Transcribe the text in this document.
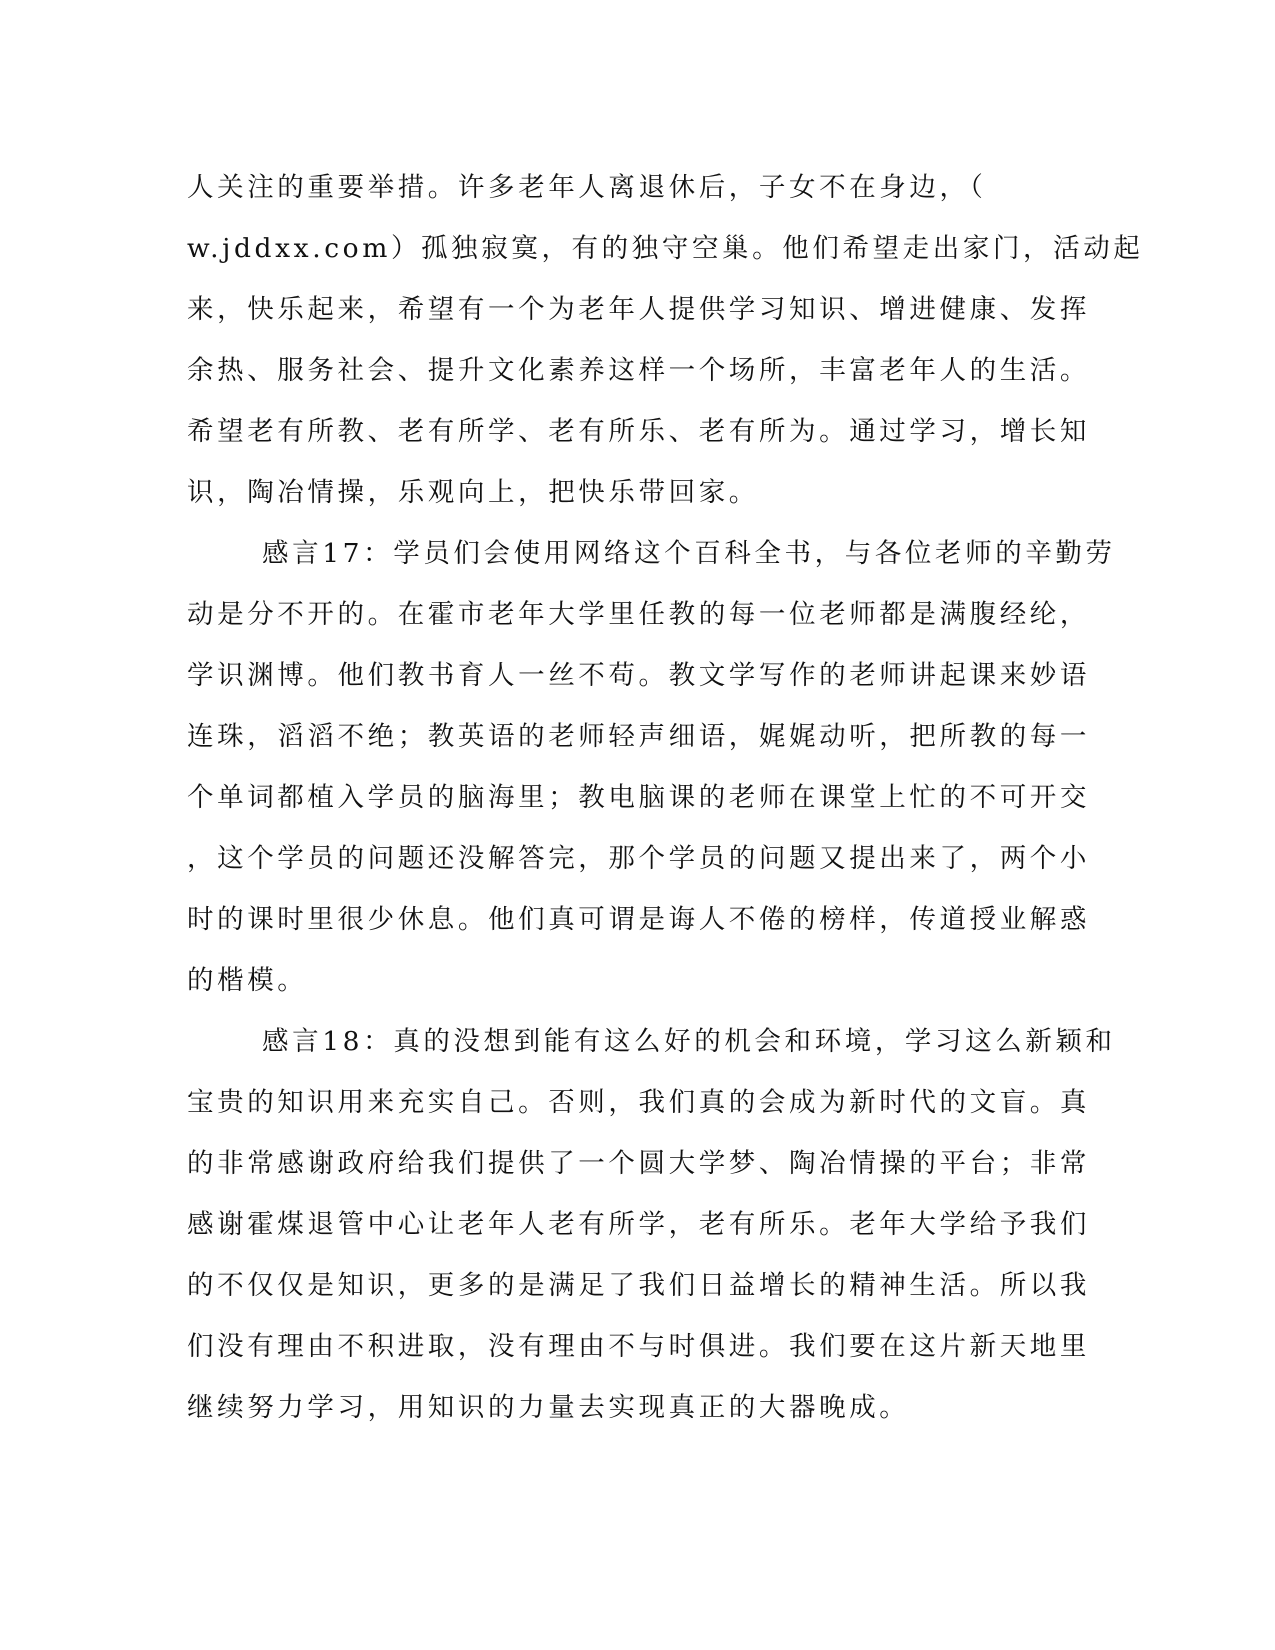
人关注的重要举措。许多老年人离退休后，子女不在身边，（
w.jddxx.com）孤独寂寞，有的独守空巢。他们希望走出家门，活动起
来，快乐起来，希望有一个为老年人提供学习知识、增进健康、发挥
余热、服务社会、提升文化素养这样一个场所，丰富老年人的生活。
希望老有所教、老有所学、老有所乐、老有所为。通过学习，增长知
识，陶冶情操，乐观向上，把快乐带回家。
感言17：学员们会使用网络这个百科全书，与各位老师的辛勤劳
动是分不开的。在霍市老年大学里任教的每一位老师都是满腹经纶，
学识渊博。他们教书育人一丝不苟。教文学写作的老师讲起课来妙语
连珠，滔滔不绝；教英语的老师轻声细语，娓娓动听，把所教的每一
个单词都植入学员的脑海里；教电脑课的老师在课堂上忙的不可开交
，这个学员的问题还没解答完，那个学员的问题又提出来了，两个小
时的课时里很少休息。他们真可谓是诲人不倦的榜样，传道授业解惑
的楷模。
感言18：真的没想到能有这么好的机会和环境，学习这么新颖和
宝贵的知识用来充实自己。否则，我们真的会成为新时代的文盲。真
的非常感谢政府给我们提供了一个圆大学梦、陶冶情操的平台；非常
感谢霍煤退管中心让老年人老有所学，老有所乐。老年大学给予我们
的不仅仅是知识，更多的是满足了我们日益增长的精神生活。所以我
们没有理由不积进取，没有理由不与时俱进。我们要在这片新天地里
继续努力学习，用知识的力量去实现真正的大器晚成。
